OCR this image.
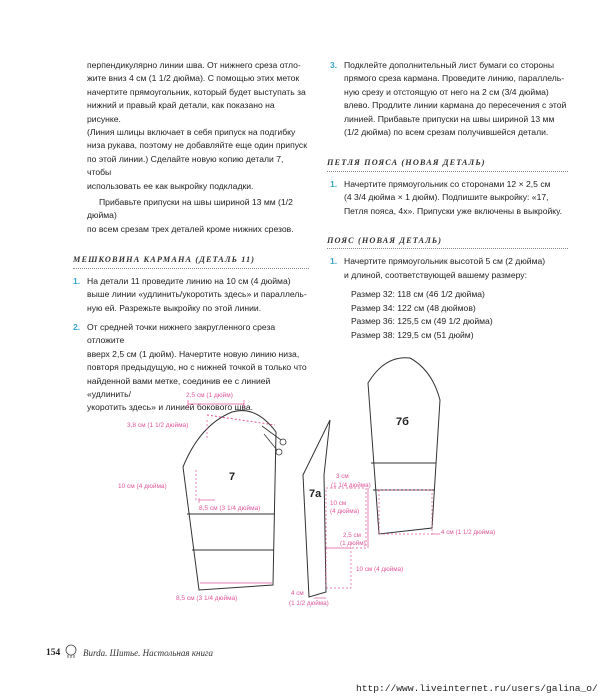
перпендикулярно линии шва. От нижнего среза отло-

жите вниз 4 см (1 1/2 дюйма). С помощью этих меток

начертите прямоугольник, который будет выступать за

нижний и правый край детали, как показано на рисунке.

(Линия шлицы включает в себя припуск на подгибку

низа рукава, поэтому не добавляйте еще один припуск

по этой линии.) Сделайте новую копию детали 7, чтобы

использовать ее как выкройку подкладки.

Прибавьте припуски на швы шириной 13 мм (1/2 дюйма)

по всем срезам трех деталей кроме нижних срезов.

МЕШКОВИНА КАРМАНА (ДЕТАЛЬ 11)
1. На детали 11 проведите линию на 10 см (4 дюйма)

выше линии «удлинить/укоротить здесь» и параллель-

ную ей. Разрежьте выкройку по этой линии.

2. От средней точки нижнего закругленного среза отложите

вверх 2,5 см (1 дюйм). Начертите новую линию низа,

повторя предыдущую, но с нижней точкой в только что

найденной вами метке, соединив ее с линией «удлинить/

укоротить здесь» и линией бокового шва.

3. Подклейте дополнительный лист бумаги со стороны

прямого среза кармана. Проведите линию, параллель-

ную срезу и отстоящую от него на 2 см (3/4 дюйма)

влево. Продлите линии кармана до пересечения с этой

линией. Прибавьте припуски на швы шириной 13 мм

(1/2 дюйма) по всем срезам получившейся детали.

ПЕТЛЯ ПОЯСА (НОВАЯ ДЕТАЛЬ)
1. Начертите прямоугольник со сторонами 12 × 2,5 см

(4 3/4 дюйма × 1 дюйм). Подпишите выкройку: «17,

Петля пояса, 4х». Припуски уже включены в выкройку.

ПОЯС (НОВАЯ ДЕТАЛЬ)
1. Начертите прямоугольник высотой 5 см (2 дюйма)

и длиной, соответствующей вашему размеру:

Размер 32: 118 см (46 1/2 дюйма)

Размер 34: 122 см (48 дюймов)

Размер 36: 125,5 см (49 1/2 дюйма)

Размер 38: 129,5 см (51 дюйм)

2,5 см (1 дюйм)
3,8 см (1 1/2 дюйма)
10 см (4 дюйма)
8,5 см (3 1/4 дюйма)
8,5 см (3 1/4 дюйма)
7
7а
3 см
(1 1/4 дюйма)
10 см
(4 дюйма)
2,5 см
(1 дюйм)
10 см (4 дюйма)
4 см
(1 1/2 дюйма)
7б
4 см (1 1/2 дюйма)
154	Burda. Шитье. Настольная книга
http://www.liveinternet.ru/users/galina_o/
